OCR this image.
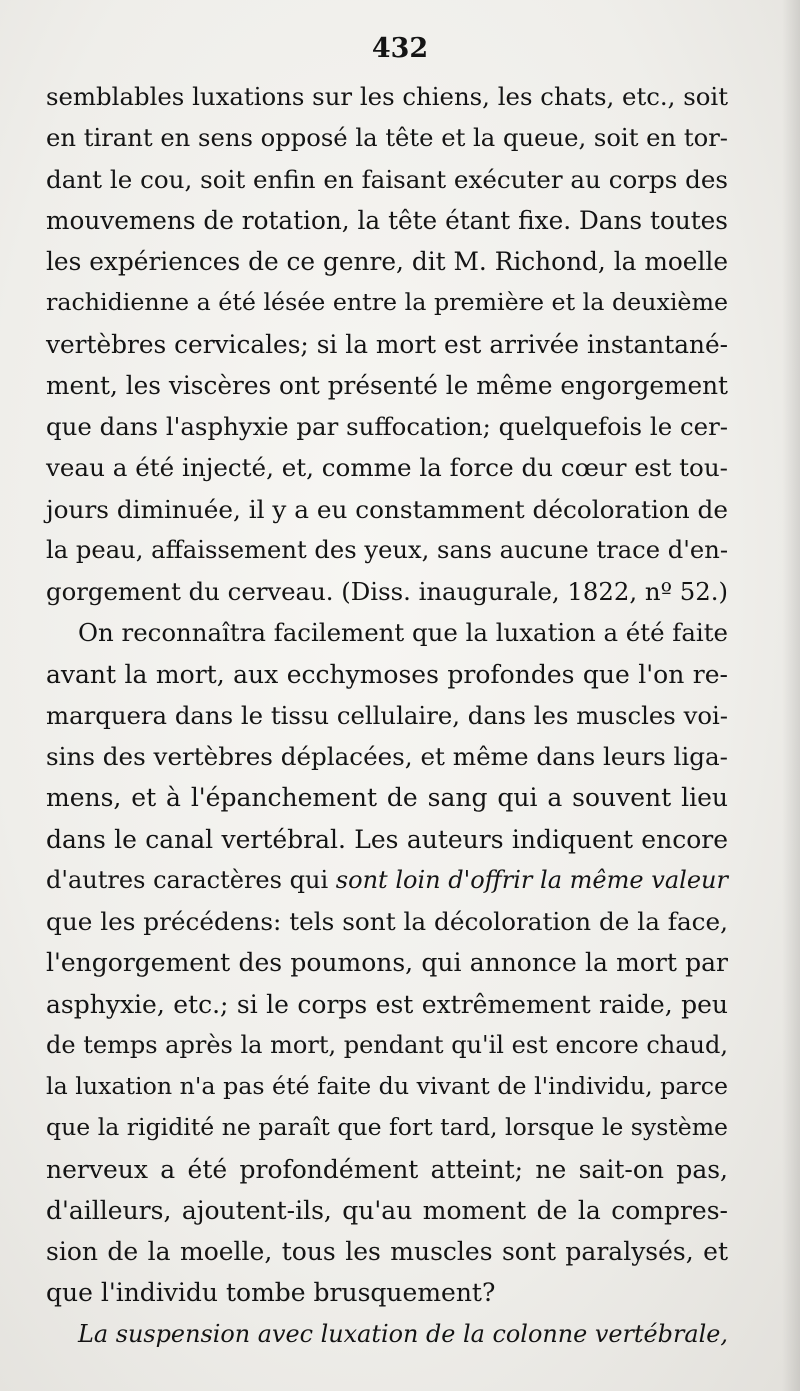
432
semblables luxations sur les chiens, les chats, etc., soit
en tirant en sens opposé la tête et la queue, soit en tor-
dant le cou, soit enfin en faisant exécuter au corps des
mouvemens de rotation, la tête étant fixe. Dans toutes
les expériences de ce genre, dit M. Richond, la moelle
rachidienne a été lésée entre la première et la deuxième
vertèbres cervicales; si la mort est arrivée instantané-
ment, les viscères ont présenté le même engorgement
que dans l'asphyxie par suffocation; quelquefois le cer-
veau a été injecté, et, comme la force du cœur est tou-
jours diminuée, il y a eu constamment décoloration de
la peau, affaissement des yeux, sans aucune trace d'en-
gorgement du cerveau. (Diss. inaugurale, 1822, nº 52.)
On reconnaîtra facilement que la luxation a été faite
avant la mort, aux ecchymoses profondes que l'on re-
marquera dans le tissu cellulaire, dans les muscles voi-
sins des vertèbres déplacées, et même dans leurs liga-
mens, et à l'épanchement de sang qui a souvent lieu
dans le canal vertébral. Les auteurs indiquent encore
d'autres caractères qui sont loin d'offrir la même valeur
que les précédens: tels sont la décoloration de la face,
l'engorgement des poumons, qui annonce la mort par
asphyxie, etc.; si le corps est extrêmement raide, peu
de temps après la mort, pendant qu'il est encore chaud,
la luxation n'a pas été faite du vivant de l'individu, parce
que la rigidité ne paraît que fort tard, lorsque le système
nerveux a été profondément atteint; ne sait-on pas,
d'ailleurs, ajoutent-ils, qu'au moment de la compres-
sion de la moelle, tous les muscles sont paralysés, et
que l'individu tombe brusquement?
La suspension avec luxation de la colonne vertébrale,
